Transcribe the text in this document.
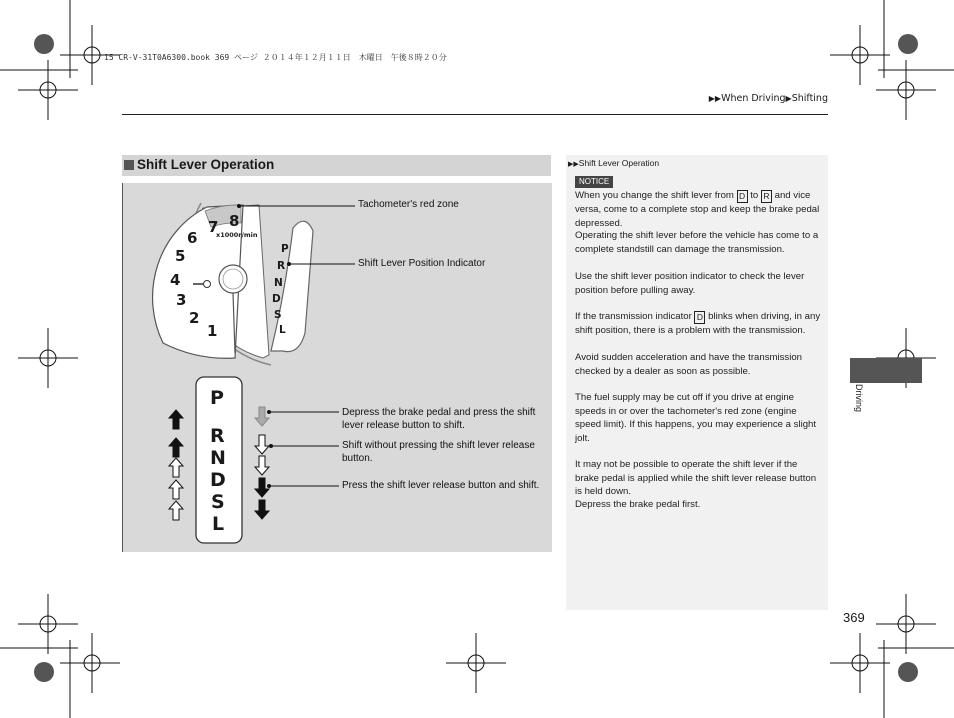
15 CR-V-31T0A6300.book 369 ページ ２０１４年１２月１１日　木曜日　午後８時２０分
▶▶When Driving▶Shifting
Shift Lever Operation
1
2
3
4
5
6
7 8
x1000r/min
P
R
N
D
S
L
P
R
N
D
S
L
Tachometer's red zone
Shift Lever Position Indicator
Depress the brake pedal and press the shift lever release button to shift.
Shift without pressing the shift lever release button.
Press the shift lever release button and shift.
▶▶Shift Lever Operation
NOTICE

When you change the shift lever from D to R and vice versa, come to a complete stop and keep the brake pedal depressed.

Operating the shift lever before the vehicle has come to a complete standstill can damage the transmission.

Use the shift lever position indicator to check the lever position before pulling away.

If the transmission indicator D blinks when driving, in any shift position, there is a problem with the transmission.

Avoid sudden acceleration and have the transmission checked by a dealer as soon as possible.

The fuel supply may be cut off if you drive at engine speeds in or over the tachometer's red zone (engine speed limit). If this happens, you may experience a slight jolt.

It may not be possible to operate the shift lever if the brake pedal is applied while the shift lever release button is held down.

Depress the brake pedal first.

Driving
369
